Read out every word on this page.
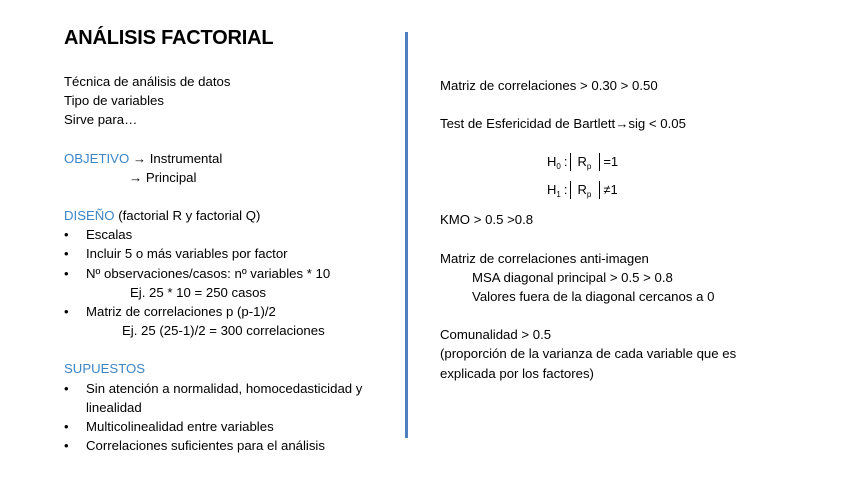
ANÁLISIS FACTORIAL
Técnica de análisis de datos
Tipo de variables
Sirve para…
OBJETIVO → Instrumental
→ Principal
DISEÑO (factorial R y factorial Q)
• Escalas
• Incluir 5 o más variables por factor
• Nº observaciones/casos: nº variables * 10
Ej. 25 * 10 = 250 casos
• Matriz de correlaciones p (p-1)/2
Ej. 25 (25-1)/2 = 300 correlaciones
SUPUESTOS
• Sin atención a normalidad, homocedasticidad y
linealidad
• Multicolinealidad entre variables
• Correlaciones suficientes para el análisis
Matriz de correlaciones > 0.30 > 0.50
Test de Esfericidad de Bartlett→sig < 0.05
KMO > 0.5 >0.8
Matriz de correlaciones anti-imagen
MSA diagonal principal > 0.5 > 0.8
Valores fuera de la diagonal cercanos a 0
Comunalidad > 0.5
(proporción de la varianza de cada variable que es
explicada por los factores)
H 0 : R p = 1
H 1 : R p ≠ 1
